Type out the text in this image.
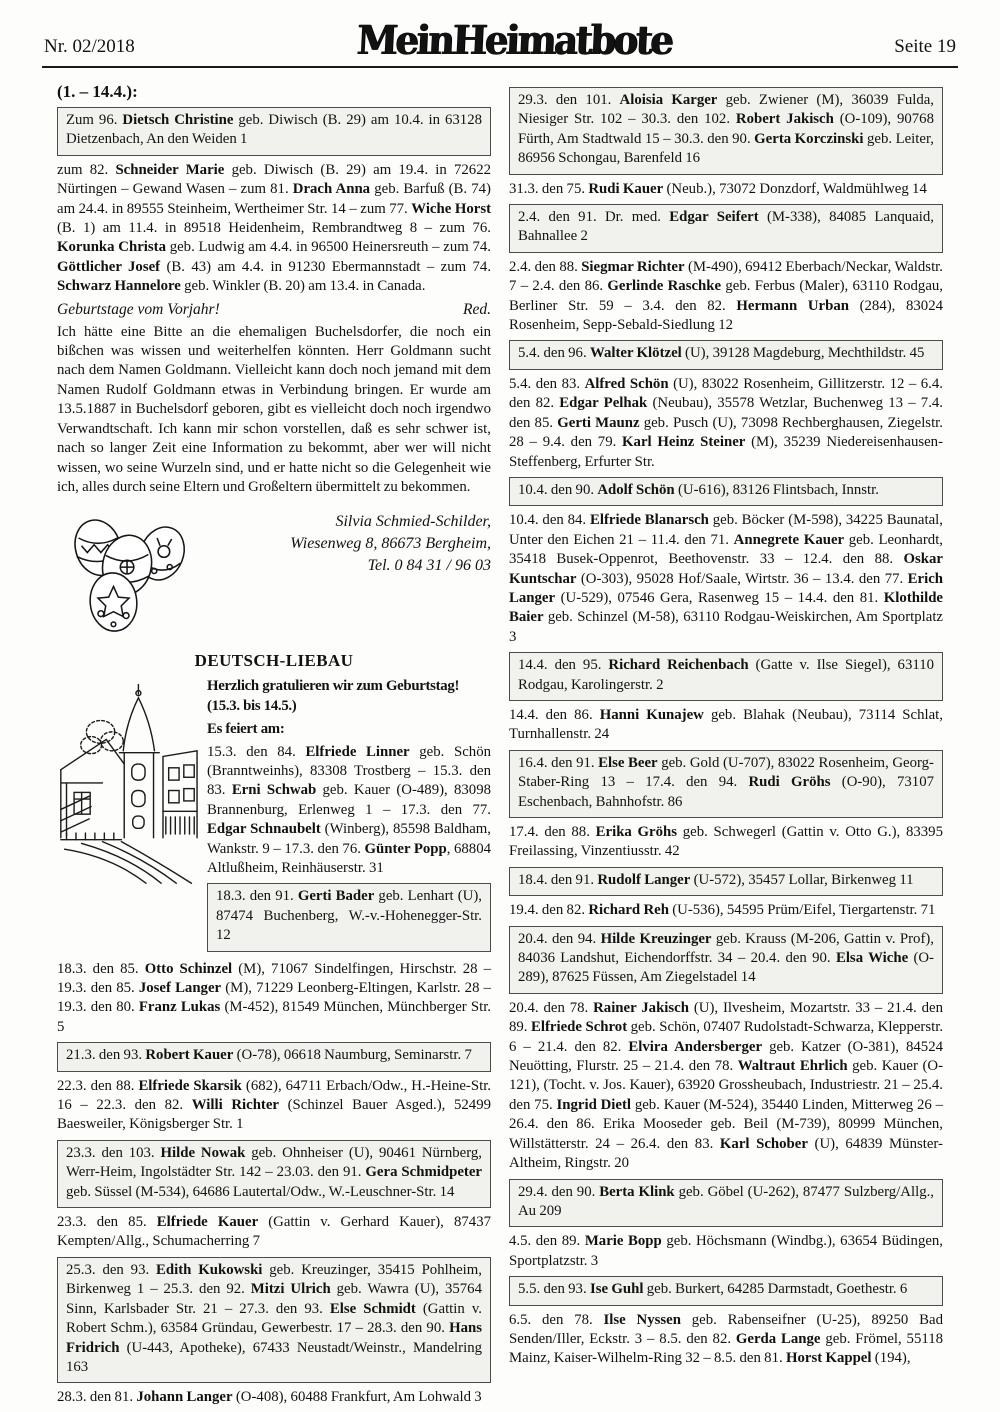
Nr. 02/2018	MeinHeimatbote	Seite 19
(1. – 14.4.):

Zum 96. Dietsch Christine geb. Diwisch (B. 29) am 10.4. in 63128 Dietzenbach, An den Weiden 1

zum 82. Schneider Marie geb. Diwisch (B. 29) am 19.4. in 72622 Nürtingen – Gewand Wasen – zum 81. Drach Anna geb. Barfuß (B. 74) am 24.4. in 89555 Steinheim, Wertheimer Str. 14 – zum 77. Wiche Horst (B. 1) am 11.4. in 89518 Heidenheim, Rembrandtweg 8 – zum 76. Korunka Christa geb. Ludwig am 4.4. in 96500 Heinersreuth – zum 74. Göttlicher Josef (B. 43) am 4.4. in 91230 Ebermannstadt – zum 74. Schwarz Hannelore geb. Winkler (B. 20) am 13.4. in Canada.

Geburtstage vom Vorjahr!	Red.

Ich hätte eine Bitte an die ehemaligen Buchelsdorfer, die noch ein bißchen was wissen und weiterhelfen könnten. Herr Goldmann sucht nach dem Namen Goldmann. Vielleicht kann doch noch jemand mit dem Namen Rudolf Goldmann etwas in Verbindung bringen. Er wurde am 13.5.1887 in Buchelsdorf geboren, gibt es vielleicht doch noch irgendwo Verwandtschaft. Ich kann mir schon vorstellen, daß es sehr schwer ist, nach so langer Zeit eine Information zu bekommt, aber wer will nicht wissen, wo seine Wurzeln sind, und er hatte nicht so die Gelegenheit wie ich, alles durch seine Eltern und Großeltern übermittelt zu bekommen.

Silvia Schmied-Schilder,
Wiesenweg 8, 86673 Bergheim,
Tel. 0 84 31 / 96 03
DEUTSCH-LIEBAU

Herzlich gratulieren wir zum Geburtstag!

(15.3. bis 14.5.)

Es feiert am:

15.3. den 84. Elfriede Linner geb. Schön (Branntweinhs), 83308 Trostberg – 15.3. den 83. Erni Schwab geb. Kauer (O-489), 83098 Brannenburg, Erlenweg 1 – 17.3. den 77. Edgar Schnaubelt (Winberg), 85598 Baldham, Wankstr. 9 – 17.3. den 76. Günter Popp, 68804 Altlußheim, Reinhäuserstr. 31

18.3. den 91. Gerti Bader geb. Lenhart (U), 87474 Buchenberg, W.-v.-Hohenegger-Str. 12

18.3. den 85. Otto Schinzel (M), 71067 Sindelfingen, Hirschstr. 28 – 19.3. den 85. Josef Langer (M), 71229 Leonberg-Eltingen, Karlstr. 28 – 19.3. den 80. Franz Lukas (M-452), 81549 München, Münchberger Str. 5

21.3. den 93. Robert Kauer (O-78), 06618 Naumburg, Seminarstr. 7

22.3. den 88. Elfriede Skarsik (682), 64711 Erbach/Odw., H.-Heine-Str. 16 – 22.3. den 82. Willi Richter (Schinzel Bauer Asged.), 52499 Baesweiler, Königsberger Str. 1

23.3. den 103. Hilde Nowak geb. Ohnheiser (U), 90461 Nürnberg, Werr-Heim, Ingolstädter Str. 142 – 23.03. den 91. Gera Schmidpeter geb. Süssel (M-534), 64686 Lautertal/Odw., W.-Leuschner-Str. 14

23.3. den 85. Elfriede Kauer (Gattin v. Gerhard Kauer), 87437 Kempten/Allg., Schumacherring 7

25.3. den 93. Edith Kukowski geb. Kreuzinger, 35415 Pohlheim, Birkenweg 1 – 25.3. den 92. Mitzi Ulrich geb. Wawra (U), 35764 Sinn, Karlsbader Str. 21 – 27.3. den 93. Else Schmidt (Gattin v. Robert Schm.), 63584 Gründau, Gewerbestr. 17 – 28.3. den 90. Hans Fridrich (U-443, Apotheke), 67433 Neustadt/Weinstr., Mandelring 163

28.3. den 81. Johann Langer (O-408), 60488 Frankfurt, Am Lohwald 3

29.3. den 101. Aloisia Karger geb. Zwiener (M), 36039 Fulda, Niesiger Str. 102 – 30.3. den 102. Robert Jakisch (O-109), 90768 Fürth, Am Stadtwald 15 – 30.3. den 90. Gerta Korczinski geb. Leiter, 86956 Schongau, Barenfeld 16

31.3. den 75. Rudi Kauer (Neub.), 73072 Donzdorf, Waldmühlweg 14

2.4. den 91. Dr. med. Edgar Seifert (M-338), 84085 Lanquaid, Bahnallee 2

2.4. den 88. Siegmar Richter (M-490), 69412 Eberbach/Neckar, Waldstr. 7 – 2.4. den 86. Gerlinde Raschke geb. Ferbus (Maler), 63110 Rodgau, Berliner Str. 59 – 3.4. den 82. Hermann Urban (284), 83024 Rosenheim, Sepp-Sebald-Siedlung 12

5.4. den 96. Walter Klötzel (U), 39128 Magdeburg, Mechthildstr. 45

5.4. den 83. Alfred Schön (U), 83022 Rosenheim, Gillitzerstr. 12 – 6.4. den 82. Edgar Pelhak (Neubau), 35578 Wetzlar, Buchenweg 13 – 7.4. den 85. Gerti Maunz geb. Pusch (U), 73098 Rechberghausen, Ziegelstr. 28 – 9.4. den 79. Karl Heinz Steiner (M), 35239 Niedereisenhausen-Steffenberg, Erfurter Str.

10.4. den 90. Adolf Schön (U-616), 83126 Flintsbach, Innstr.

10.4. den 84. Elfriede Blanarsch geb. Böcker (M-598), 34225 Baunatal, Unter den Eichen 21 – 11.4. den 71. Annegrete Kauer geb. Leonhardt, 35418 Busek-Oppenrot, Beethovenstr. 33 – 12.4. den 88. Oskar Kuntschar (O-303), 95028 Hof/Saale, Wirtstr. 36 – 13.4. den 77. Erich Langer (U-529), 07546 Gera, Rasenweg 15 – 14.4. den 81. Klothilde Baier geb. Schinzel (M-58), 63110 Rodgau-Weiskirchen, Am Sportplatz 3

14.4. den 95. Richard Reichenbach (Gatte v. Ilse Siegel), 63110 Rodgau, Karolingerstr. 2

14.4. den 86. Hanni Kunajew geb. Blahak (Neubau), 73114 Schlat, Turnhallenstr. 24

16.4. den 91. Else Beer geb. Gold (U-707), 83022 Rosenheim, Georg-Staber-Ring 13 – 17.4. den 94. Rudi Gröhs (O-90), 73107 Eschenbach, Bahnhofstr. 86

17.4. den 88. Erika Gröhs geb. Schwegerl (Gattin v. Otto G.), 83395 Freilassing, Vinzentiusstr. 42

18.4. den 91. Rudolf Langer (U-572), 35457 Lollar, Birkenweg 11

19.4. den 82. Richard Reh (U-536), 54595 Prüm/Eifel, Tiergartenstr. 71

20.4. den 94. Hilde Kreuzinger geb. Krauss (M-206, Gattin v. Prof), 84036 Landshut, Eichendorffstr. 34 – 20.4. den 90. Elsa Wiche (O-289), 87625 Füssen, Am Ziegelstadel 14

20.4. den 78. Rainer Jakisch (U), Ilvesheim, Mozartstr. 33 – 21.4. den 89. Elfriede Schrot geb. Schön, 07407 Rudolstadt-Schwarza, Klepperstr. 6 – 21.4. den 82. Elvira Andersberger geb. Katzer (O-381), 84524 Neuötting, Flurstr. 25 – 21.4. den 78. Waltraut Ehrlich geb. Kauer (O-121), (Tocht. v. Jos. Kauer), 63920 Grossheubach, Industriestr. 21 – 25.4. den 75. Ingrid Dietl geb. Kauer (M-524), 35440 Linden, Mitterweg 26 – 26.4. den 86. Erika Mooseder geb. Beil (M-739), 80999 München, Willstätterstr. 24 – 26.4. den 83. Karl Schober (U), 64839 Münster-Altheim, Ringstr. 20

29.4. den 90. Berta Klink geb. Göbel (U-262), 87477 Sulzberg/Allg., Au 209

4.5. den 89. Marie Bopp geb. Höchsmann (Windbg.), 63654 Büdingen, Sportplatzstr. 3

5.5. den 93. Ise Guhl geb. Burkert, 64285 Darmstadt, Goethestr. 6

6.5. den 78. Ilse Nyssen geb. Rabenseifner (U-25), 89250 Bad Senden/Iller, Eckstr. 3 – 8.5. den 82. Gerda Lange geb. Frömel, 55118 Mainz, Kaiser-Wilhelm-Ring 32 – 8.5. den 81. Horst Kappel (194),
